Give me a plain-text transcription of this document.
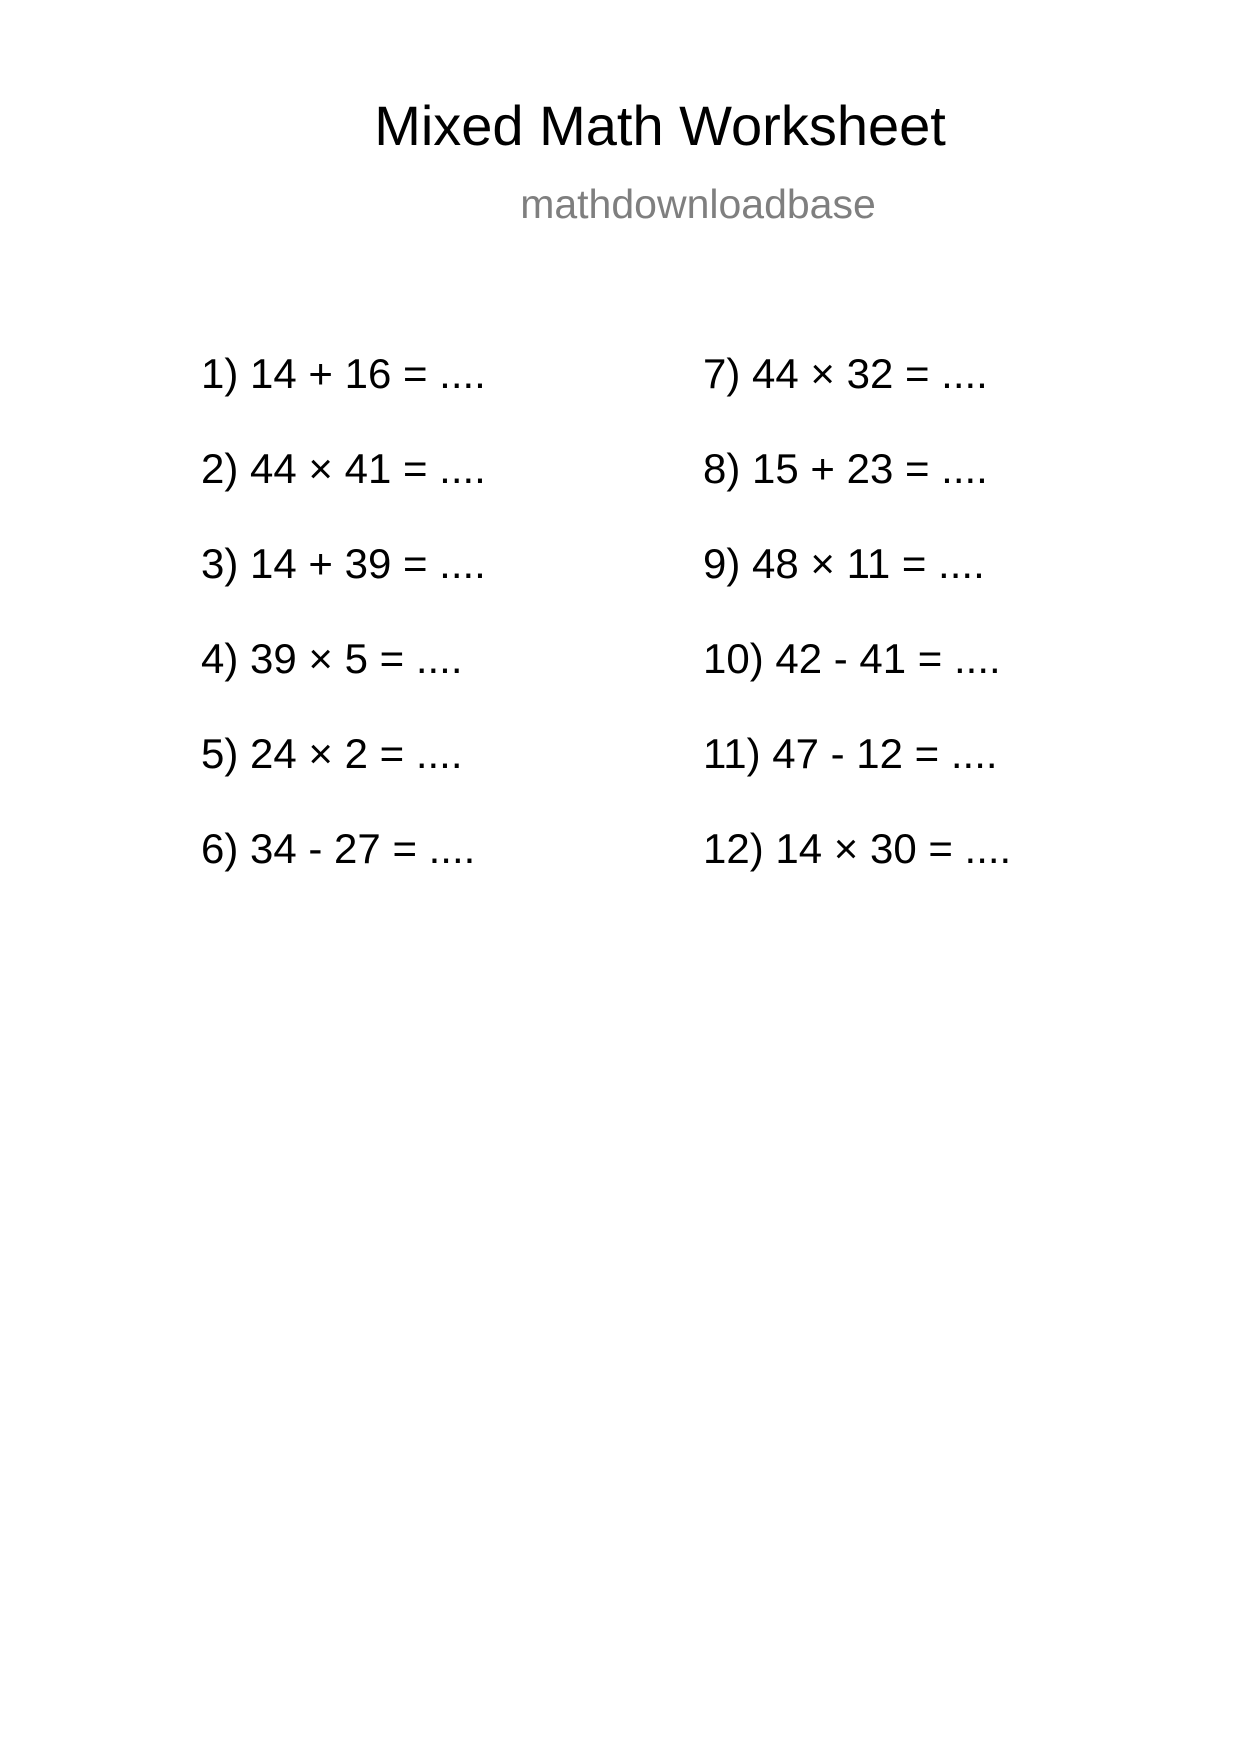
Mixed Math Worksheet
mathdownloadbase
1) 14 + 16 = ....
2) 44 × 41 = ....
3) 14 + 39 = ....
4) 39 × 5 = ....
5) 24 × 2 = ....
6) 34 - 27 = ....
7) 44 × 32 = ....
8) 15 + 23 = ....
9) 48 × 11 = ....
10) 42 - 41 = ....
11) 47 - 12 = ....
12) 14 × 30 = ....
